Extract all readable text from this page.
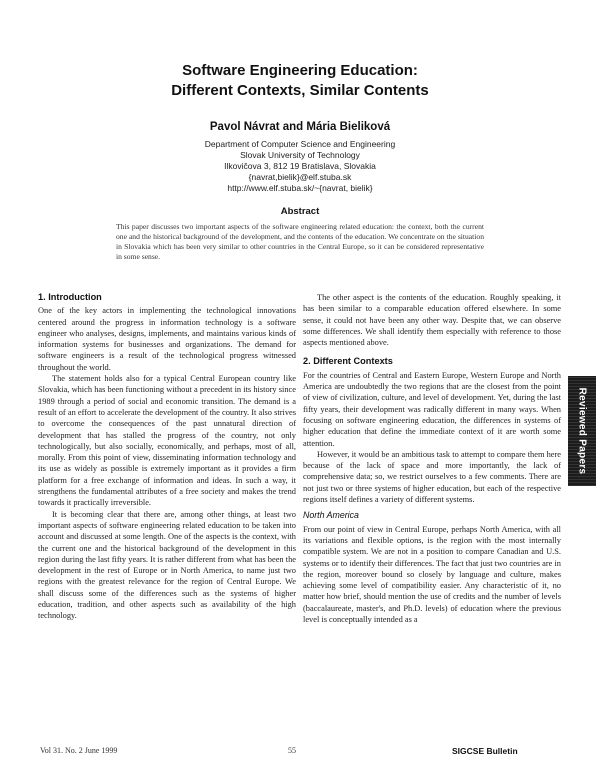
Software Engineering Education:
Different Contexts, Similar Contents
Pavol Návrat and Mária Bieliková
Department of Computer Science and Engineering
Slovak University of Technology
Ilkovičova 3, 812 19 Bratislava, Slovakia
{navrat,bielik}@elf.stuba.sk
http://www.elf.stuba.sk/~{navrat, bielik}
Abstract
This paper discusses two important aspects of the software engineering related education: the context, both the current one and the historical background of the development, and the contents of the education. We concentrate on the situation in Slovakia which has been very similar to other countries in the Central Europe, so it can be considered representative in some sense.
1. Introduction

One of the key actors in implementing the technological innovations centered around the progress in information technology is a software engineer who analyses, designs, implements, and maintains various kinds of information systems for businesses and organizations. The demand for software engineers is a result of the technological progress witnessed throughout the world.

The statement holds also for a typical Central European country like Slovakia, which has been functioning without a precedent in its history since 1989 through a period of social and economic transition. The demand is a result of an effort to accelerate the development of the country. It also strives to overcome the consequences of the past unnatural direction of development that has stalled the progress of the country, not only technologically, but also socially, economically, and perhaps, most of all, morally. From this point of view, disseminating information technology and its use as widely as possible is extremely important as it provides a firm platform for a free exchange of information and ideas. In such a way, it strengthens the fundamental attributes of a free society and makes the trend towards it practically irreversible.

It is becoming clear that there are, among other things, at least two important aspects of software engineering related education to be taken into account and discussed at some length. One of the aspects is the context, with the current one and the historical background of the development in this region during the last fifty years. It is rather different from what has been the development in the rest of Europe or in North America, to name just two regions with the greatest relevance for the region of Central Europe. We shall discuss some of the differences such as the systems of higher education, tradition, and other aspects such as availability of the high technology.

The other aspect is the contents of the education. Roughly speaking, it has been similar to a comparable education offered elsewhere. In some sense, it could not have been any other way. Despite that, we can observe some differences. We shall identify them especially with reference to those aspects mentioned above.

2. Different Contexts

For the countries of Central and Eastern Europe, Western Europe and North America are undoubtedly the two regions that are the closest from the point of view of civilization, culture, and level of development. Yet, during the last fifty years, their development was radically different in many ways. When focusing on software engineering education, the differences in systems of higher education that define the immediate context of it are worth some attention.

However, it would be an ambitious task to attempt to compare them here because of the lack of space and more importantly, the lack of comprehensive data; so, we restrict ourselves to a few comments. There are not just two or three systems of higher education, but each of the respective regions itself defines a variety of different systems.

North America

From our point of view in Central Europe, perhaps North America, with all its variations and flexible options, is the region with the most internally compatible system. We are not in a position to compare Canadian and U.S. systems or to identify their differences. The fact that just two countries are in the region, moreover bound so closely by language and culture, makes achieving some level of compatibility easier. Any characteristic of it, no matter how brief, should mention the use of credits and the number of levels (baccalaureate, master's, and Ph.D. levels) of education where the previous level is conceptually intended as a

Reviewed Papers
Vol 31. No. 2 June 1999	55	SIGCSE Bulletin
